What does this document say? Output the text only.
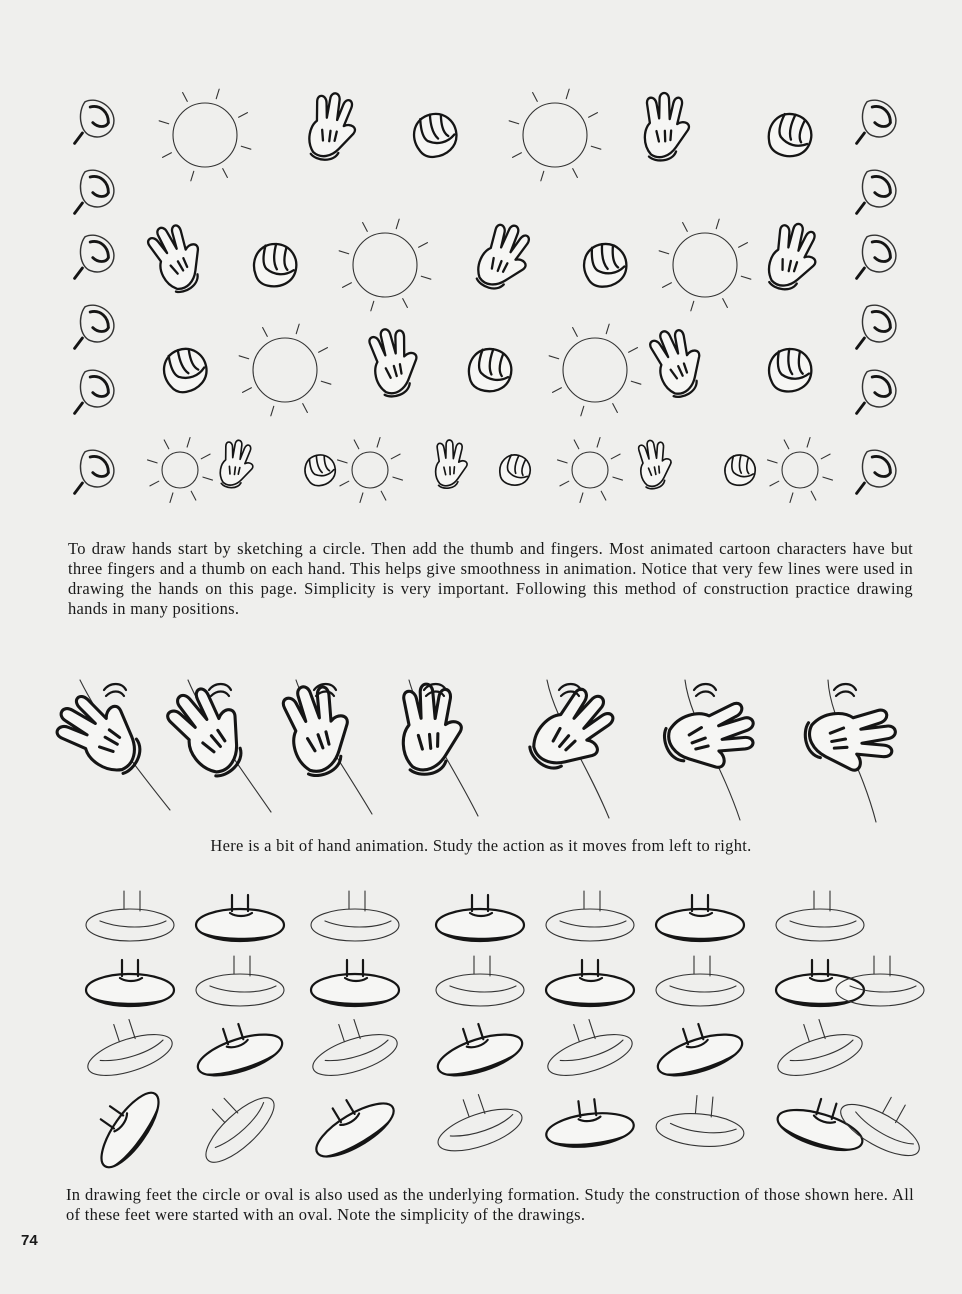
To draw hands start by sketching a circle. Then add the thumb and fingers. Most animated cartoon characters have but three fingers and a thumb on each hand. This helps give smoothness in animation. Notice that very few lines were used in drawing the hands on this page. Simplicity is very important. Following this method of construction practice drawing hands in many positions.

Here is a bit of hand animation. Study the action as it moves from left to right.

In drawing feet the circle or oval is also used as the underlying formation. Study the construction of those shown here. All of these feet were started with an oval. Note the simplicity of the drawings.

74
